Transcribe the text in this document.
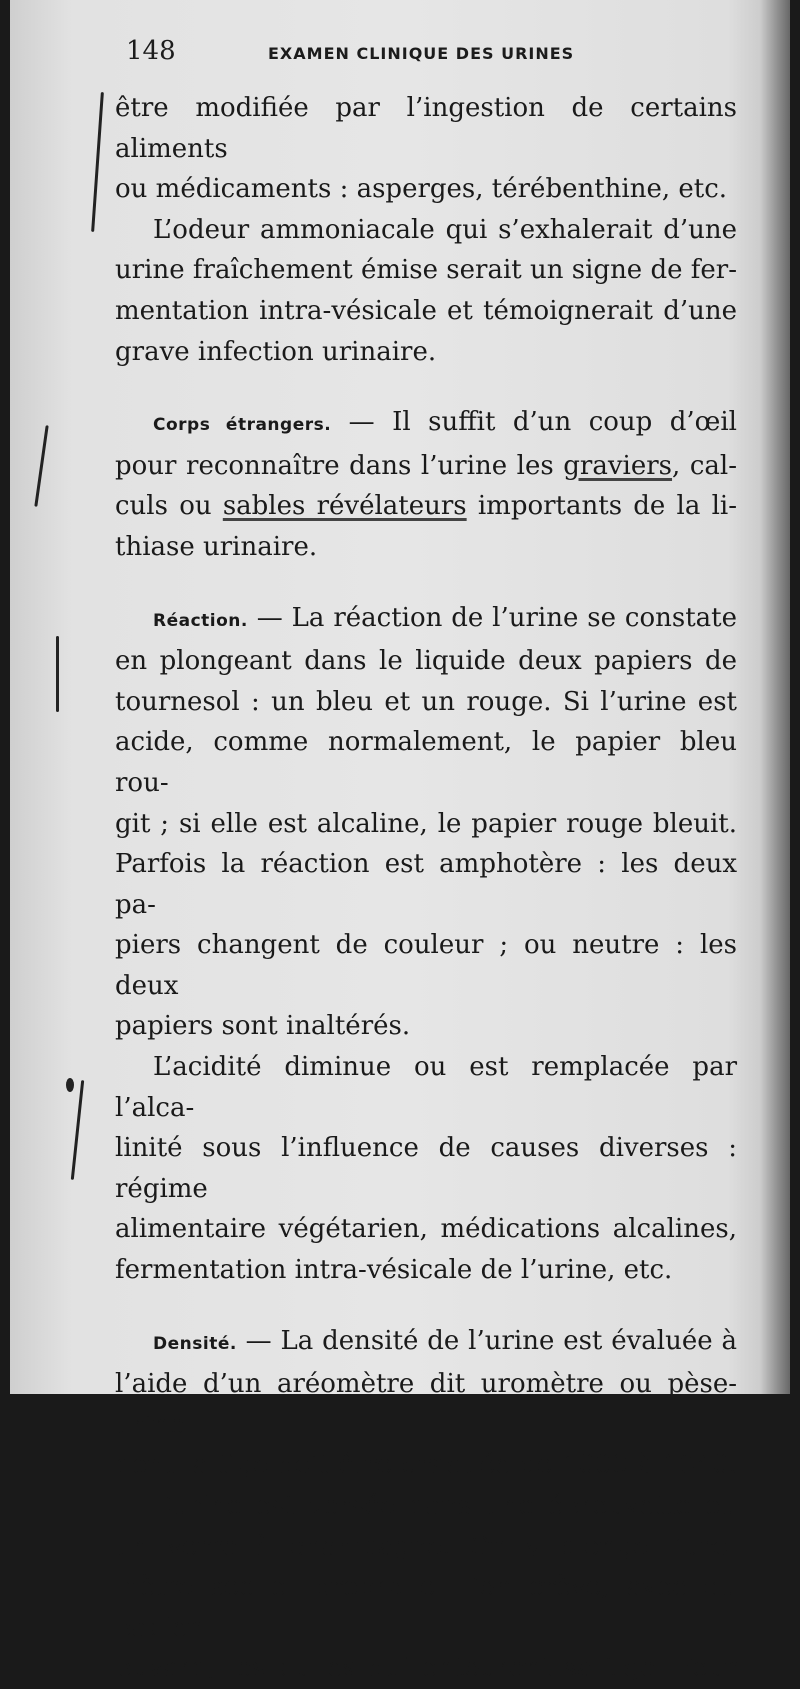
148	EXAMEN CLINIQUE DES URINES

être modifiée par l’ingestion de certains aliments

ou médicaments : asperges, térébenthine, etc.

L’odeur ammoniacale qui s’exhalerait d’une

urine fraîchement émise serait un signe de fer-

mentation intra-vésicale et témoignerait d’une

grave infection urinaire.

Corps étrangers. — Il suffit d’un coup d’œil

pour reconnaître dans l’urine les graviers, cal-

culs ou sables révélateurs importants de la li-

thiase urinaire.

Réaction. — La réaction de l’urine se constate

en plongeant dans le liquide deux papiers de

tournesol : un bleu et un rouge. Si l’urine est

acide, comme normalement, le papier bleu rou-

git ; si elle est alcaline, le papier rouge bleuit.

Parfois la réaction est amphotère : les deux pa-

piers changent de couleur ; ou neutre : les deux

papiers sont inaltérés.

L’acidité diminue ou est remplacée par l’alca-

linité sous l’influence de causes diverses : régime

alimentaire végétarien, médications alcalines,

fermentation intra-vésicale de l’urine, etc.

Densité. — La densité de l’urine est évaluée à

l’aide d’un aréomètre dit uromètre ou pèse-urine

dont la tige doit être graduée de 1000 à 1040.

L’urine est versée dans une éprouvette ou

un verre à champagne. On y plonge l’uro-

mètre sec et propre et l’on crève, avec du papier

buvard, les bulles qui entourent sa tige. Pour
